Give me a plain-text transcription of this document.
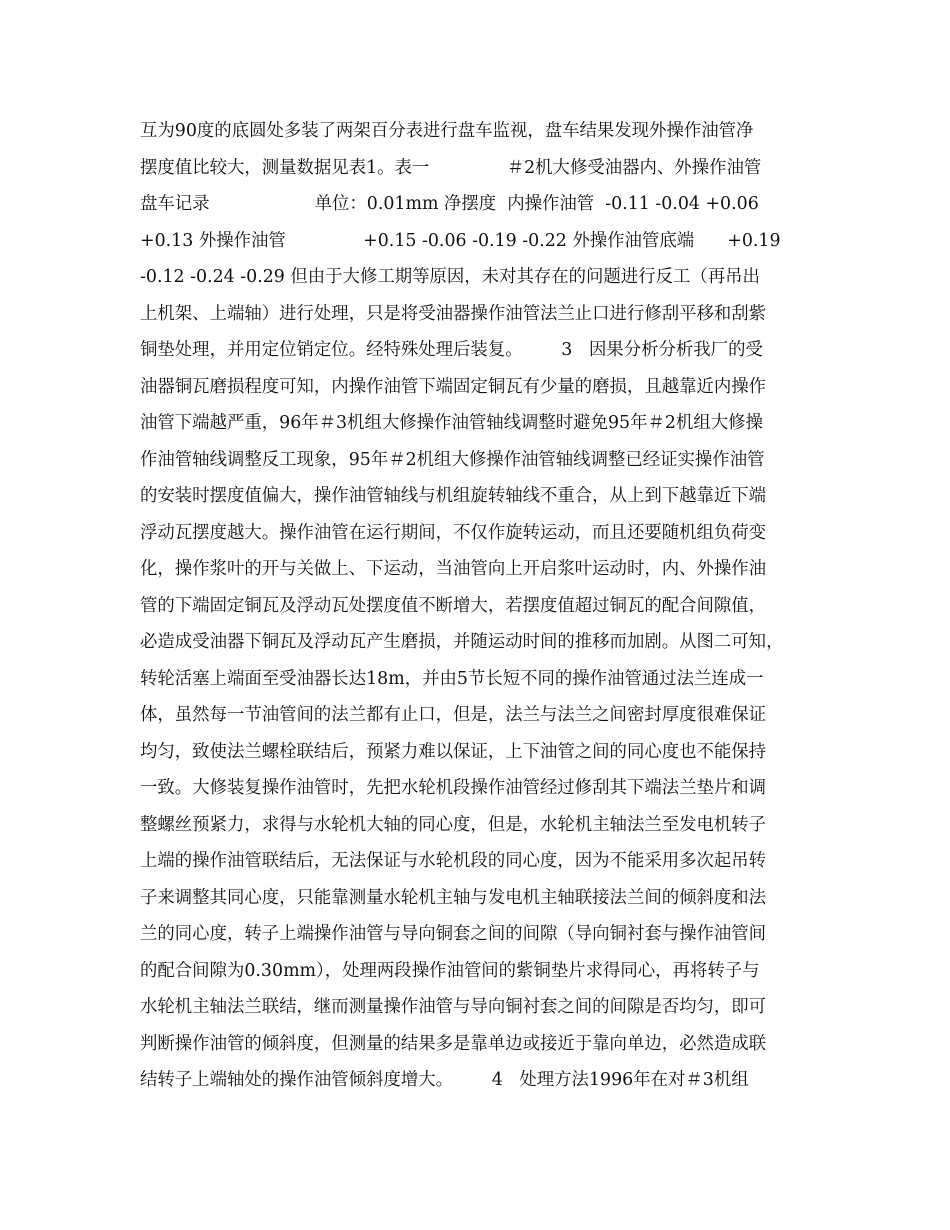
互为90度的底圆处多装了两架百分表进行盘车监视，盘车结果发现外操作油管净
摆度值比较大，测量数据见表1。表一              ＃2机大修受油器内、外操作油管
盘车记录                   单位：0.01mm 净摆度  内操作油管  -0.11 -0.04 +0.06
+0.13 外操作油管              +0.15 -0.06 -0.19 -0.22 外操作油管底端      +0.19
-0.12 -0.24 -0.29 但由于大修工期等原因，未对其存在的问题进行反工（再吊出
上机架、上端轴）进行处理，只是将受油器操作油管法兰止口进行修刮平移和刮紫
铜垫处理，并用定位销定位。经特殊处理后装复。       3   因果分析分析我厂的受
油器铜瓦磨损程度可知，内操作油管下端固定铜瓦有少量的磨损，且越靠近内操作
油管下端越严重，96年＃3机组大修操作油管轴线调整时避免95年＃2机组大修操
作油管轴线调整反工现象，95年＃2机组大修操作油管轴线调整已经证实操作油管
的安装时摆度值偏大，操作油管轴线与机组旋转轴线不重合，从上到下越靠近下端
浮动瓦摆度越大。操作油管在运行期间，不仅作旋转运动，而且还要随机组负荷变
化，操作浆叶的开与关做上、下运动，当油管向上开启浆叶运动时，内、外操作油
管的下端固定铜瓦及浮动瓦处摆度值不断增大，若摆度值超过铜瓦的配合间隙值，
必造成受油器下铜瓦及浮动瓦产生磨损，并随运动时间的推移而加剧。从图二可知，
转轮活塞上端面至受油器长达18m，并由5节长短不同的操作油管通过法兰连成一
体，虽然每一节油管间的法兰都有止口，但是，法兰与法兰之间密封厚度很难保证
均匀，致使法兰螺栓联结后，预紧力难以保证，上下油管之间的同心度也不能保持
一致。大修装复操作油管时，先把水轮机段操作油管经过修刮其下端法兰垫片和调
整螺丝预紧力，求得与水轮机大轴的同心度，但是，水轮机主轴法兰至发电机转子
上端的操作油管联结后，无法保证与水轮机段的同心度，因为不能采用多次起吊转
子来调整其同心度，只能靠测量水轮机主轴与发电机主轴联接法兰间的倾斜度和法
兰的同心度，转子上端操作油管与导向铜套之间的间隙（导向铜衬套与操作油管间
的配合间隙为0.30mm），处理两段操作油管间的紫铜垫片求得同心，再将转子与
水轮机主轴法兰联结，继而测量操作油管与导向铜衬套之间的间隙是否均匀，即可
判断操作油管的倾斜度，但测量的结果多是靠单边或接近于靠向单边，必然造成联
结转子上端轴处的操作油管倾斜度增大。       4   处理方法1996年在对＃3机组
